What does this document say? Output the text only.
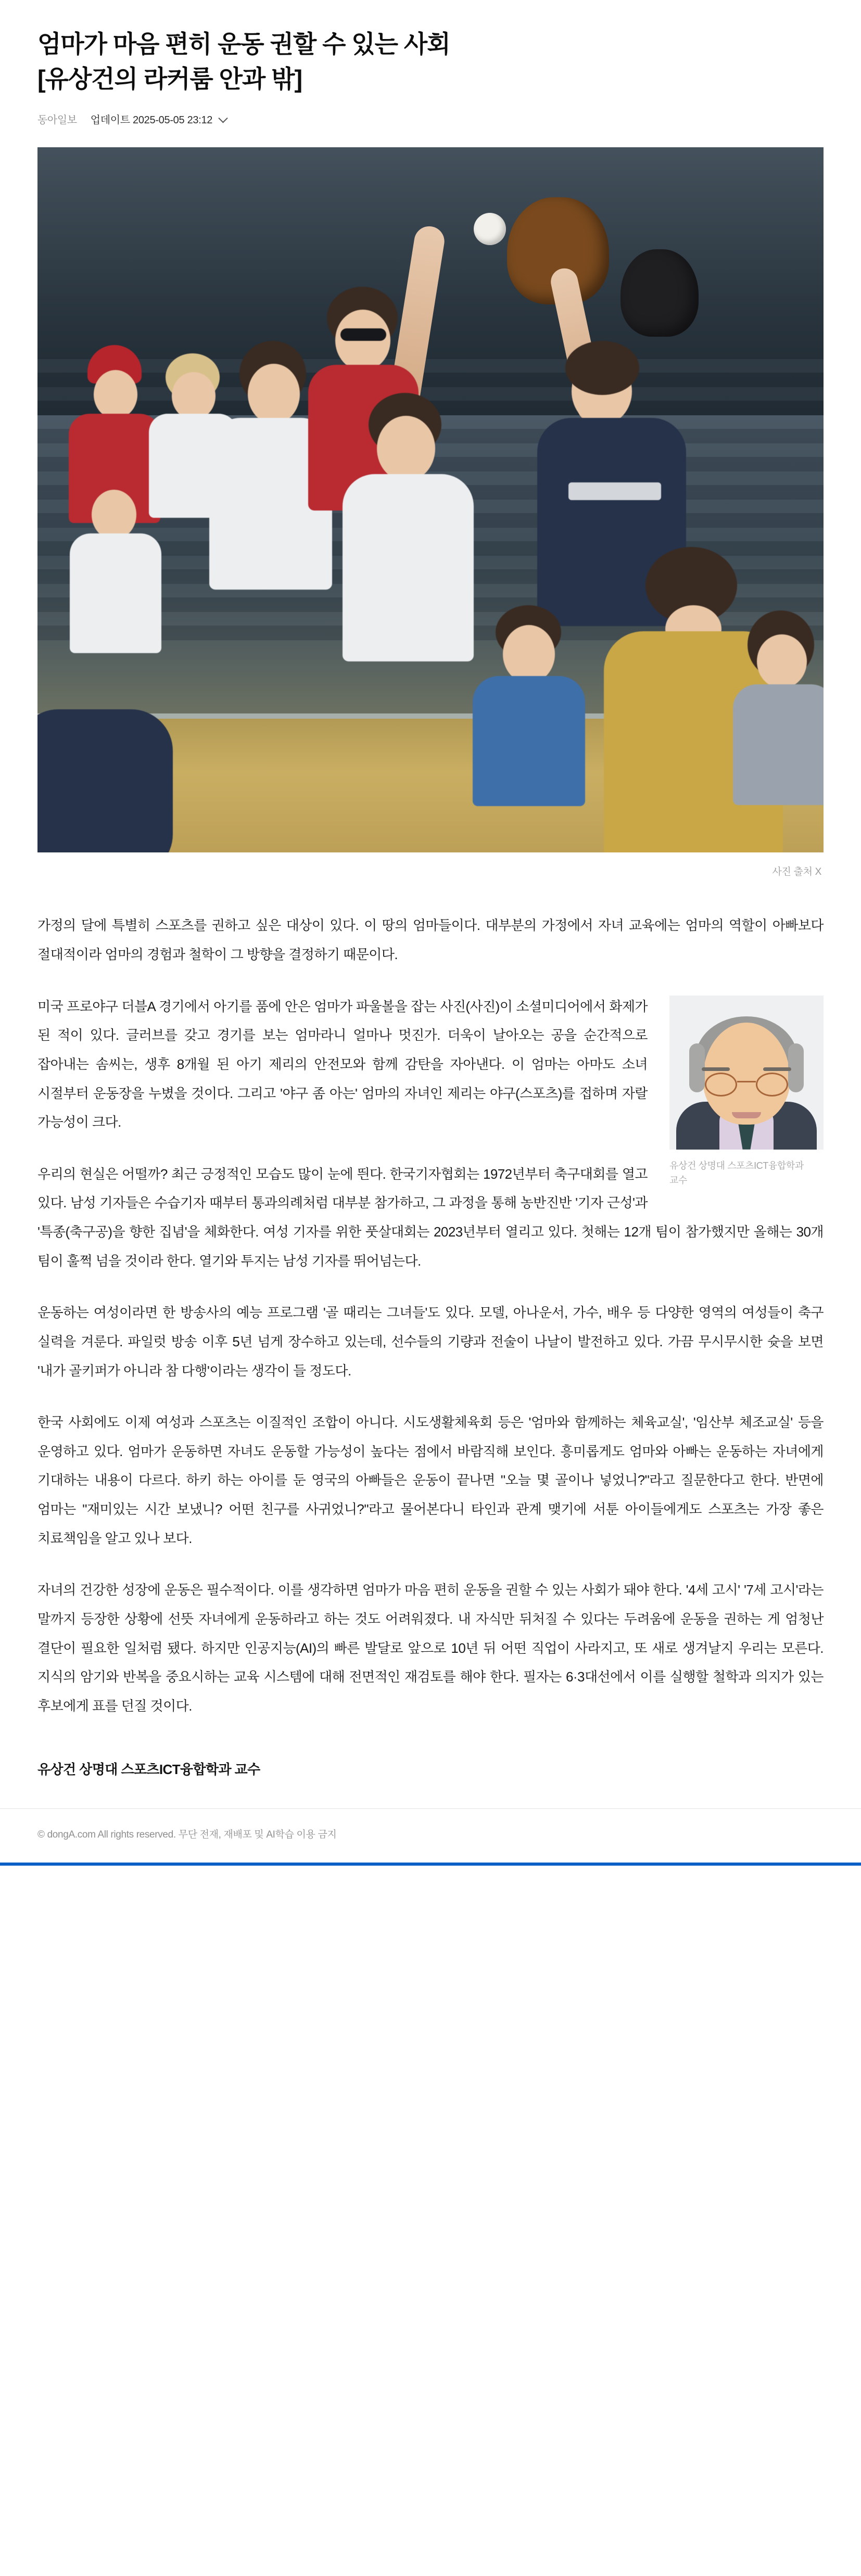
엄마가 마음 편히 운동 권할 수 있는 사회
[유상건의 라커룸 안과 밖]
동아일보 업데이트 2025-05-05 23:12
사진 출처 X

가정의 달에 특별히 스포츠를 권하고 싶은 대상이 있다. 이 땅의 엄마들이다. 대부분의 가정에서 자녀 교육에는 엄마의 역할이 아빠보다 절대적이라 엄마의 경험과 철학이 그 방향을 결정하기 때문이다.

유상건 상명대 스포츠ICT융합학과 교수

미국 프로야구 더블A 경기에서 아기를 품에 안은 엄마가 파울볼을 잡는 사진(사진)이 소셜미디어에서 화제가 된 적이 있다. 글러브를 갖고 경기를 보는 엄마라니 얼마나 멋진가. 더욱이 날아오는 공을 순간적으로 잡아내는 솜씨는, 생후 8개월 된 아기 제리의 안전모와 함께 감탄을 자아낸다. 이 엄마는 아마도 소녀 시절부터 운동장을 누볐을 것이다. 그리고 '야구 좀 아는' 엄마의 자녀인 제리는 야구(스포츠)를 접하며 자랄 가능성이 크다.

우리의 현실은 어떨까? 최근 긍정적인 모습도 많이 눈에 띈다. 한국기자협회는 1972년부터 축구대회를 열고 있다. 남성 기자들은 수습기자 때부터 통과의례처럼 대부분 참가하고, 그 과정을 통해 농반진반 '기자 근성'과 '특종(축구공)을 향한 집념'을 체화한다. 여성 기자를 위한 풋살대회는 2023년부터 열리고 있다. 첫해는 12개 팀이 참가했지만 올해는 30개 팀이 훌쩍 넘을 것이라 한다. 열기와 투지는 남성 기자를 뛰어넘는다.

운동하는 여성이라면 한 방송사의 예능 프로그램 '골 때리는 그녀들'도 있다. 모델, 아나운서, 가수, 배우 등 다양한 영역의 여성들이 축구 실력을 겨룬다. 파일럿 방송 이후 5년 넘게 장수하고 있는데, 선수들의 기량과 전술이 나날이 발전하고 있다. 가끔 무시무시한 슛을 보면 '내가 골키퍼가 아니라 참 다행'이라는 생각이 들 정도다.

한국 사회에도 이제 여성과 스포츠는 이질적인 조합이 아니다. 시도생활체육회 등은 '엄마와 함께하는 체육교실', '임산부 체조교실' 등을 운영하고 있다. 엄마가 운동하면 자녀도 운동할 가능성이 높다는 점에서 바람직해 보인다. 흥미롭게도 엄마와 아빠는 운동하는 자녀에게 기대하는 내용이 다르다. 하키 하는 아이를 둔 영국의 아빠들은 운동이 끝나면 "오늘 몇 골이나 넣었니?"라고 질문한다고 한다. 반면에 엄마는 "재미있는 시간 보냈니? 어떤 친구를 사귀었니?"라고 물어본다니 타인과 관계 맺기에 서툰 아이들에게도 스포츠는 가장 좋은 치료책임을 알고 있나 보다.

자녀의 건강한 성장에 운동은 필수적이다. 이를 생각하면 엄마가 마음 편히 운동을 권할 수 있는 사회가 돼야 한다. '4세 고시' '7세 고시'라는 말까지 등장한 상황에 선뜻 자녀에게 운동하라고 하는 것도 어려워졌다. 내 자식만 뒤처질 수 있다는 두려움에 운동을 권하는 게 엄청난 결단이 필요한 일처럼 됐다. 하지만 인공지능(AI)의 빠른 발달로 앞으로 10년 뒤 어떤 직업이 사라지고, 또 새로 생겨날지 우리는 모른다. 지식의 암기와 반복을 중요시하는 교육 시스템에 대해 전면적인 재검토를 해야 한다. 필자는 6·3대선에서 이를 실행할 철학과 의지가 있는 후보에게 표를 던질 것이다.

유상건 상명대 스포츠ICT융합학과 교수
© dongA.com All rights reserved. 무단 전재, 재배포 및 AI학습 이용 금지
